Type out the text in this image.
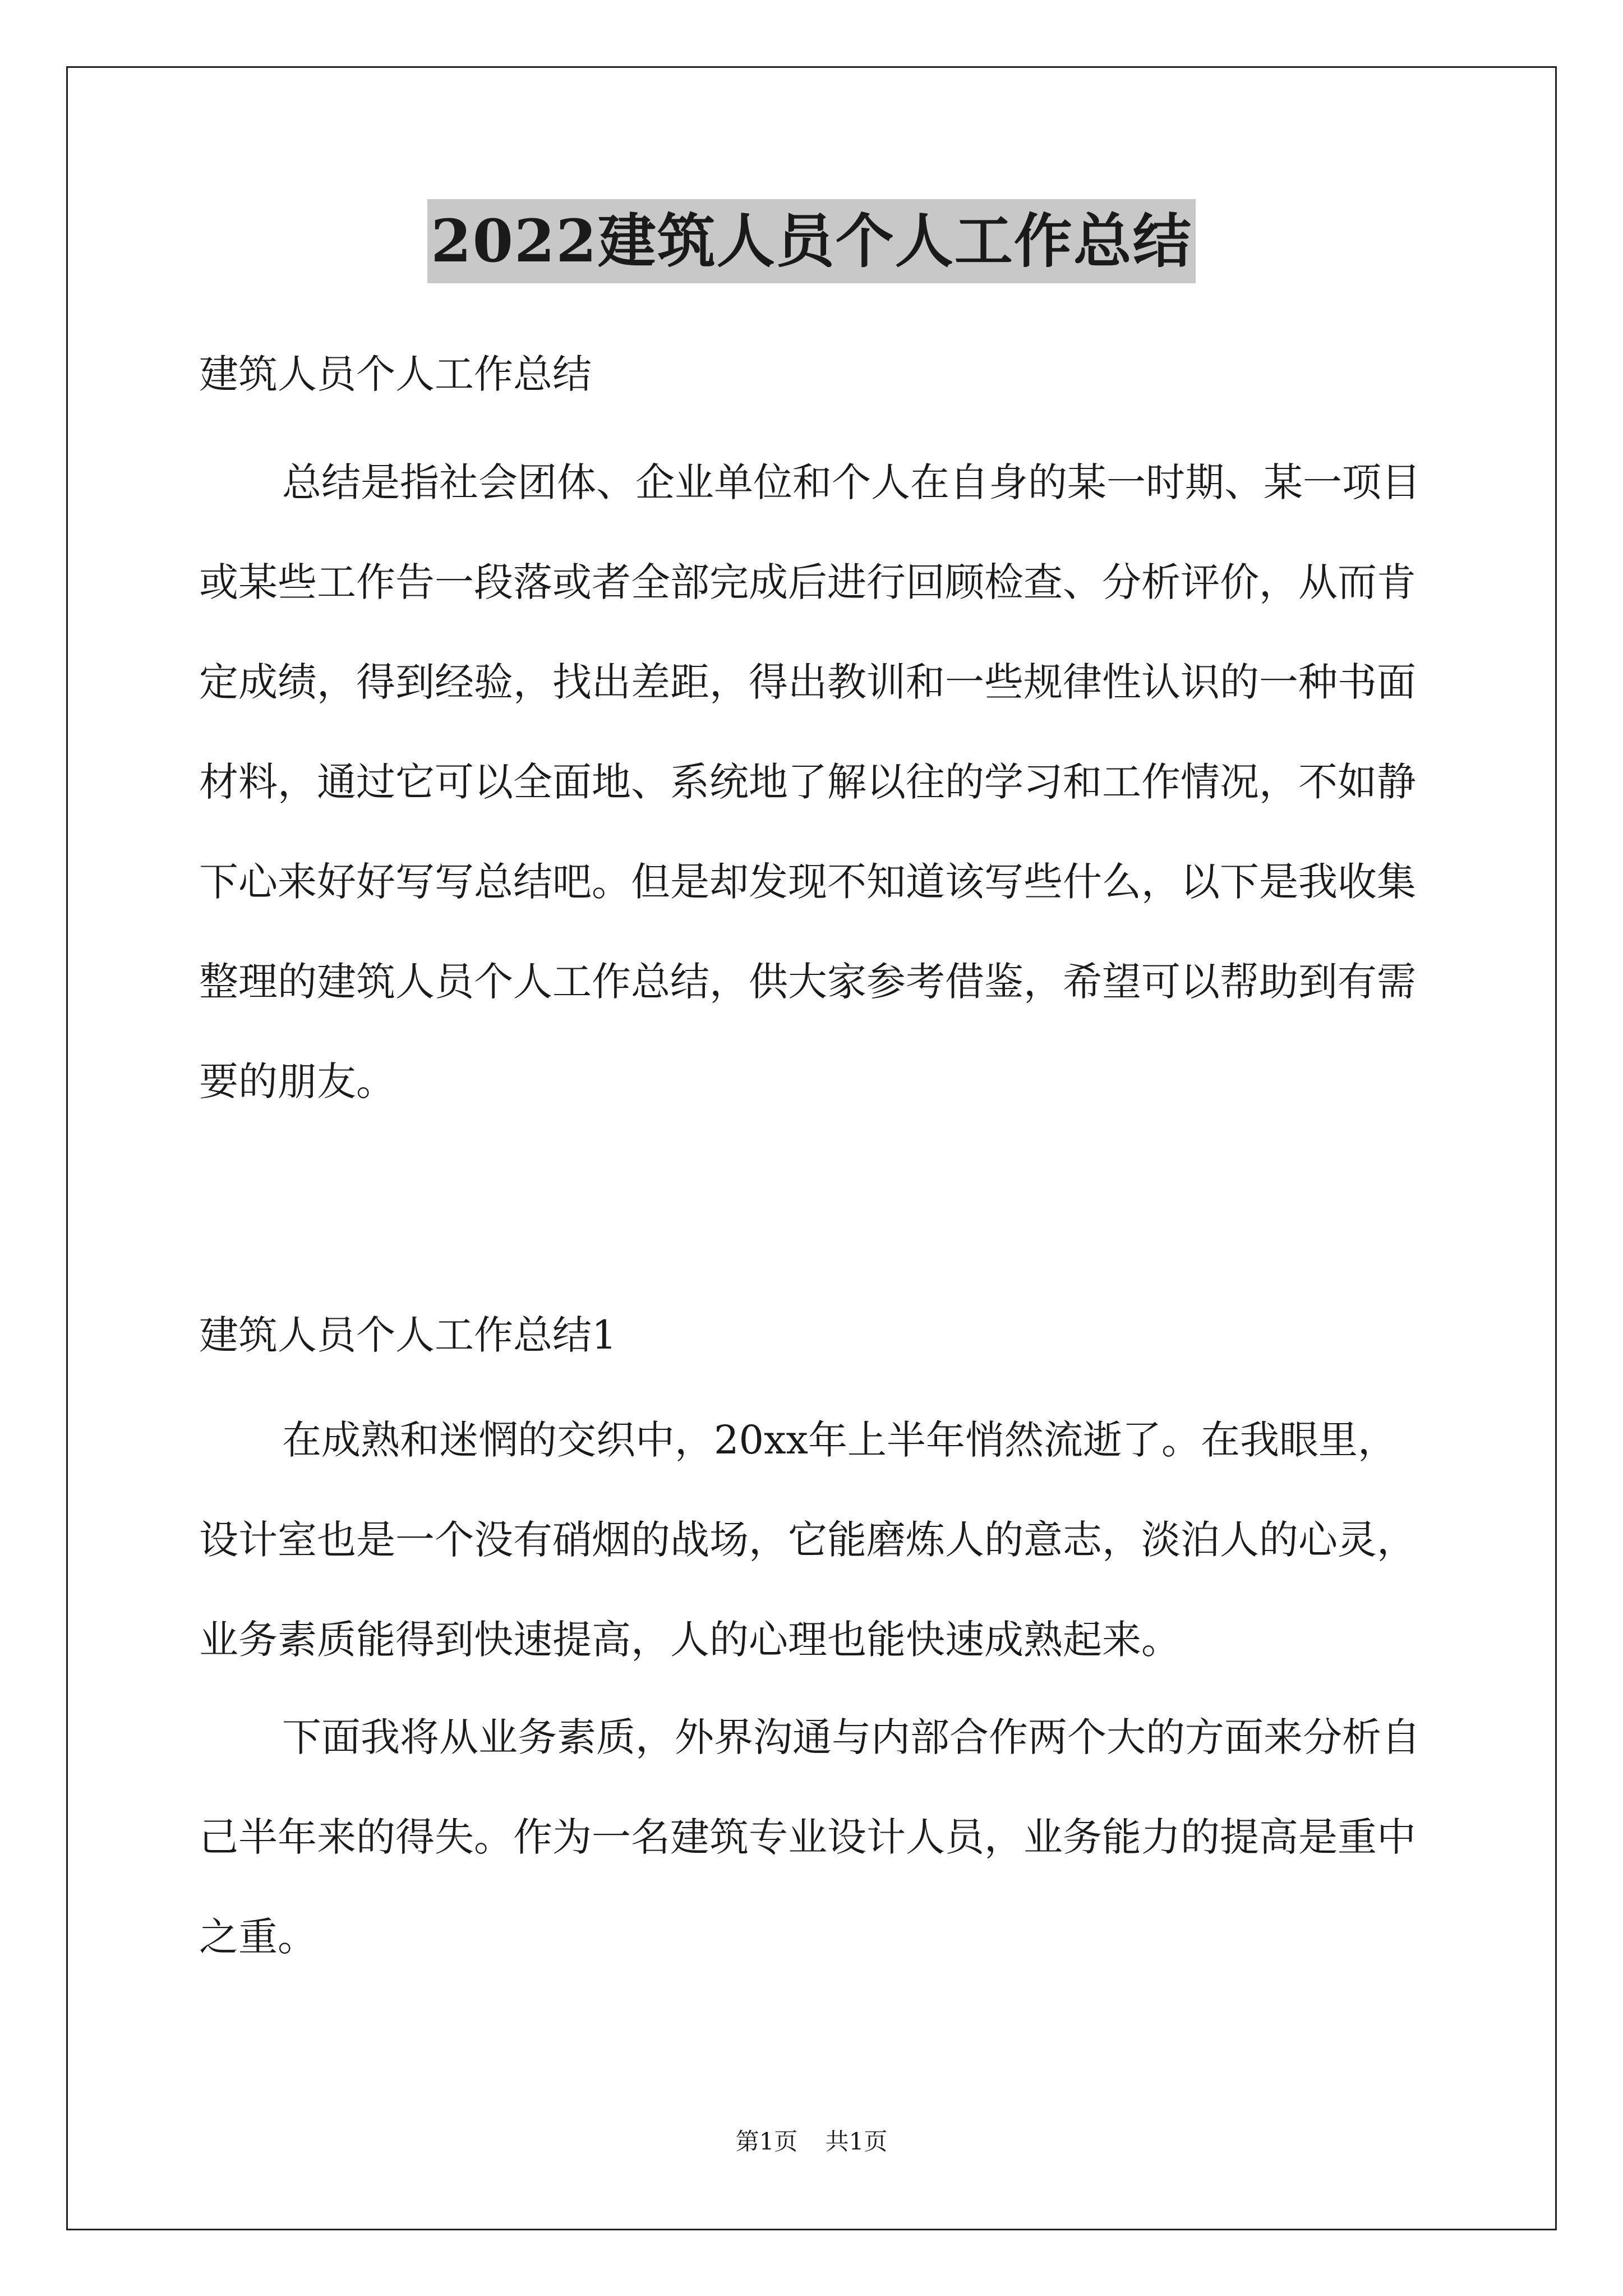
2022建筑人员个人工作总结

建筑人员个人工作总结

总结是指社会团体、企业单位和个人在自身的某一时期、某一项目或某些工作告一段落或者全部完成后进行回顾检查、分析评价，从而肯定成绩，得到经验，找出差距，得出教训和一些规律性认识的一种书面材料，通过它可以全面地、系统地了解以往的学习和工作情况，不如静下心来好好写写总结吧。但是却发现不知道该写些什么，以下是我收集整理的建筑人员个人工作总结，供大家参考借鉴，希望可以帮助到有需要的朋友。

建筑人员个人工作总结1

在成熟和迷惘的交织中，20xx年上半年悄然流逝了。在我眼里，设计室也是一个没有硝烟的战场，它能磨炼人的意志，淡泊人的心灵，业务素质能得到快速提高，人的心理也能快速成熟起来。

下面我将从业务素质，外界沟通与内部合作两个大的方面来分析自己半年来的得失。作为一名建筑专业设计人员，业务能力的提高是重中之重。

第1页 共1页
